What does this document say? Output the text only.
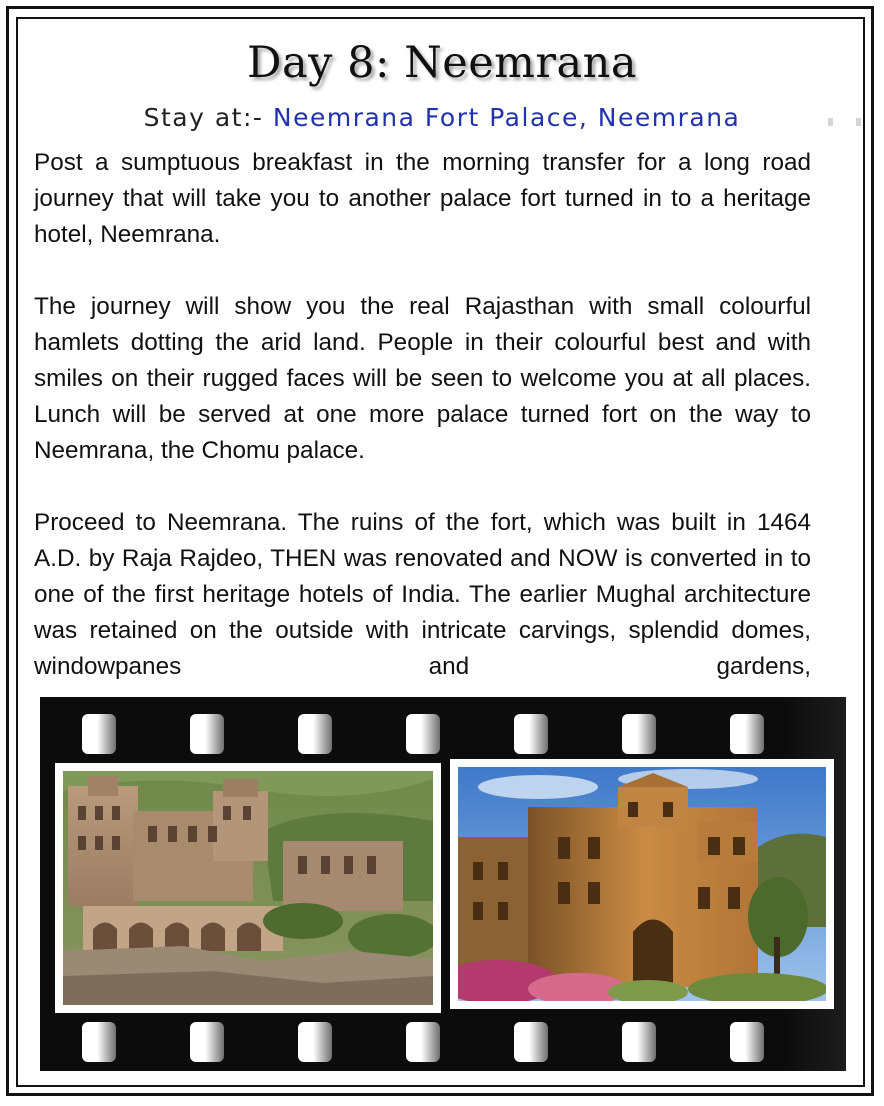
Day 8: Neemrana
Stay at:- Neemrana Fort Palace, Neemrana

Post a sumptuous breakfast in the morning transfer for a long road journey that will take you to another palace fort turned in to a heritage hotel, Neemrana.

The journey will show you the real Rajasthan with small colourful hamlets dotting the arid land. People in their colourful best and with smiles on their rugged faces will be seen to welcome you at all places. Lunch will be served at one more palace turned fort on the way to Neemrana, the Chomu palace.

Proceed to Neemrana. The ruins of the fort, which was built in 1464 A.D. by Raja Rajdeo, THEN was renovated and NOW is converted in to one of the first heritage hotels of India. The earlier Mughal architecture was retained on the outside with intricate carvings, splendid domes, windowpanes and gardens,
